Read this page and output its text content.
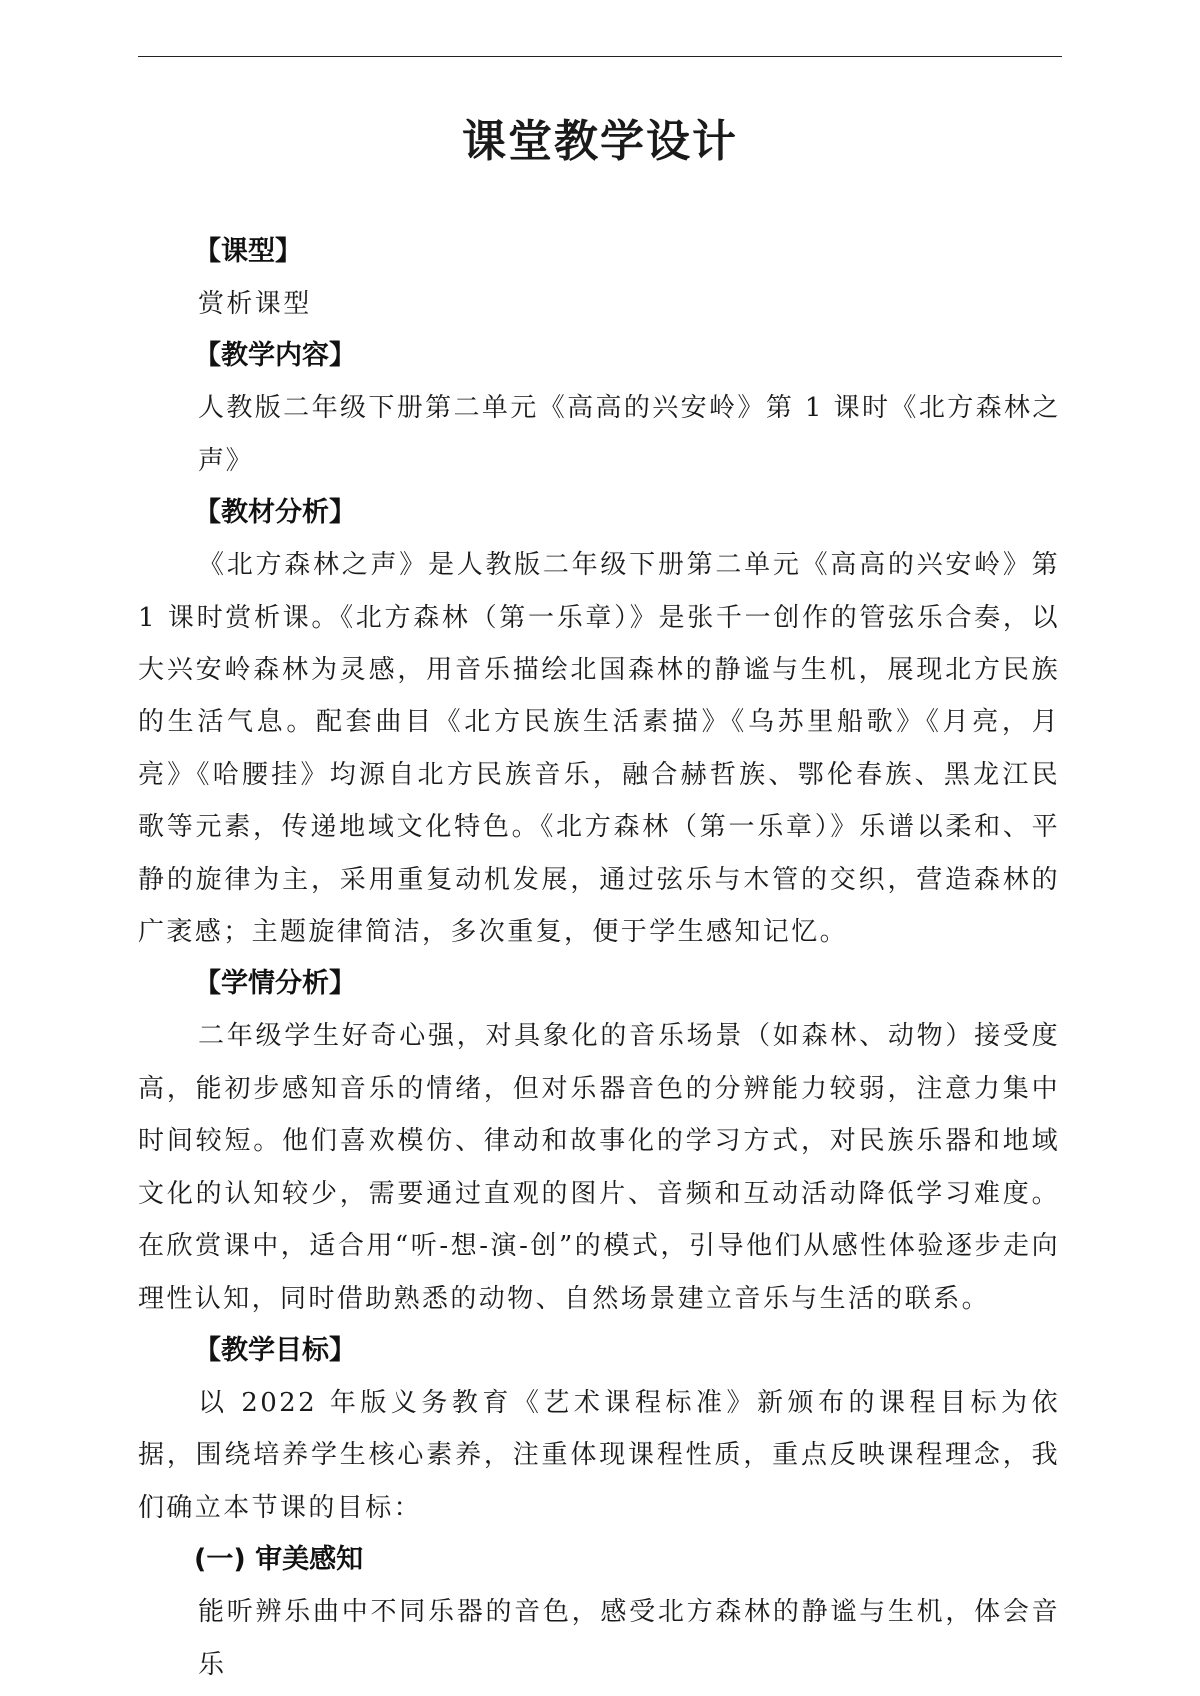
课堂教学设计
【课型】

赏析课型

【教学内容】

人教版二年级下册第二单元《高高的兴安岭》第 1 课时《北方森林之声》

【教材分析】

《北方森林之声》是人教版二年级下册第二单元《高高的兴安岭》第 1 课时赏析课。《北方森林（第一乐章）》是张千一创作的管弦乐合奏，以大兴安岭森林为灵感，用音乐描绘北国森林的静谧与生机，展现北方民族的生活气息。配套曲目《北方民族生活素描》《乌苏里船歌》《月亮，月亮》《哈腰挂》均源自北方民族音乐，融合赫哲族、鄂伦春族、黑龙江民歌等元素，传递地域文化特色。《北方森林（第一乐章）》乐谱以柔和、平静的旋律为主，采用重复动机发展，通过弦乐与木管的交织，营造森林的广袤感；主题旋律简洁，多次重复，便于学生感知记忆。

【学情分析】

二年级学生好奇心强，对具象化的音乐场景（如森林、动物）接受度高，能初步感知音乐的情绪，但对乐器音色的分辨能力较弱，注意力集中时间较短。他们喜欢模仿、律动和故事化的学习方式，对民族乐器和地域文化的认知较少，需要通过直观的图片、音频和互动活动降低学习难度。在欣赏课中，适合用“听-想-演-创”的模式，引导他们从感性体验逐步走向理性认知，同时借助熟悉的动物、自然场景建立音乐与生活的联系。

【教学目标】

以 2022 年版义务教育《艺术课程标准》新颁布的课程目标为依据，围绕培养学生核心素养，注重体现课程性质，重点反映课程理念，我们确立本节课的目标：

(一) 审美感知

能听辨乐曲中不同乐器的音色，感受北方森林的静谧与生机，体会音乐
